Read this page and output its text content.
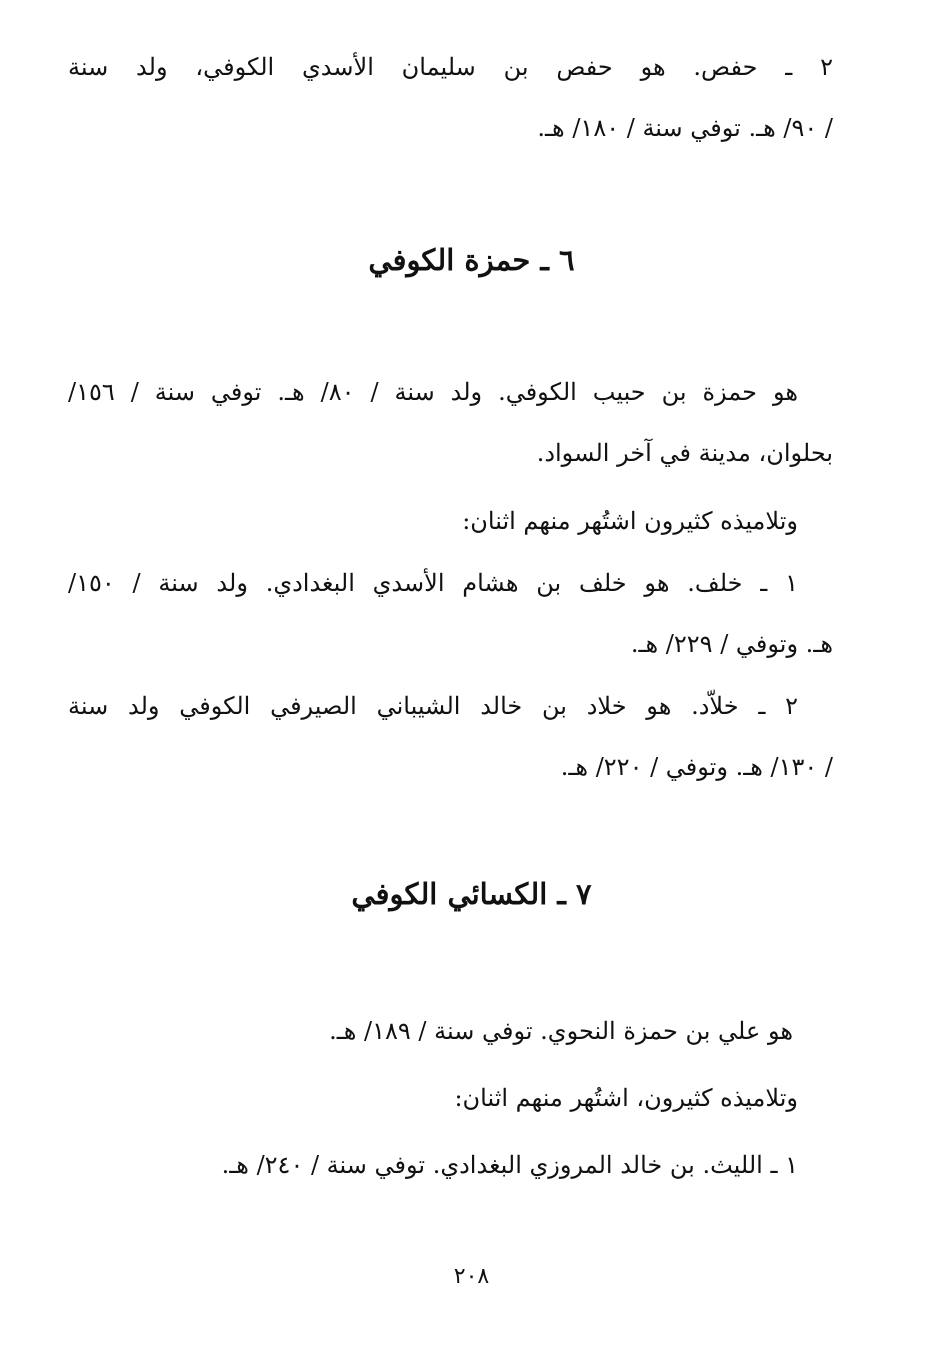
٢ ـ حفص. هو حفص بن سليمان الأسدي الكوفي، ولد سنة
/ ٩٠/ هـ. توفي سنة / ١٨٠/ هـ.
٦ ـ حمزة الكوفي
هو حمزة بن حبيب الكوفي. ولد سنة / ٨٠/ هـ. توفي سنة / ١٥٦/
بحلوان، مدينة في آخر السواد.
وتلاميذه كثيرون اشتُهر منهم اثنان:
١ ـ خلف. هو خلف بن هشام الأسدي البغدادي. ولد سنة / ١٥٠/
هـ. وتوفي / ٢٢٩/ هـ.
٢ ـ خلاّد. هو خلاد بن خالد الشيباني الصيرفي الكوفي ولد سنة
/ ١٣٠/ هـ. وتوفي / ٢٢٠/ هـ.
٧ ـ الكسائي الكوفي
هو علي بن حمزة النحوي. توفي سنة / ١٨٩/ هـ.
وتلاميذه كثيرون، اشتُهر منهم اثنان:
١ ـ الليث. بن خالد المروزي البغدادي. توفي سنة / ٢٤٠/ هـ.
٢٠٨
